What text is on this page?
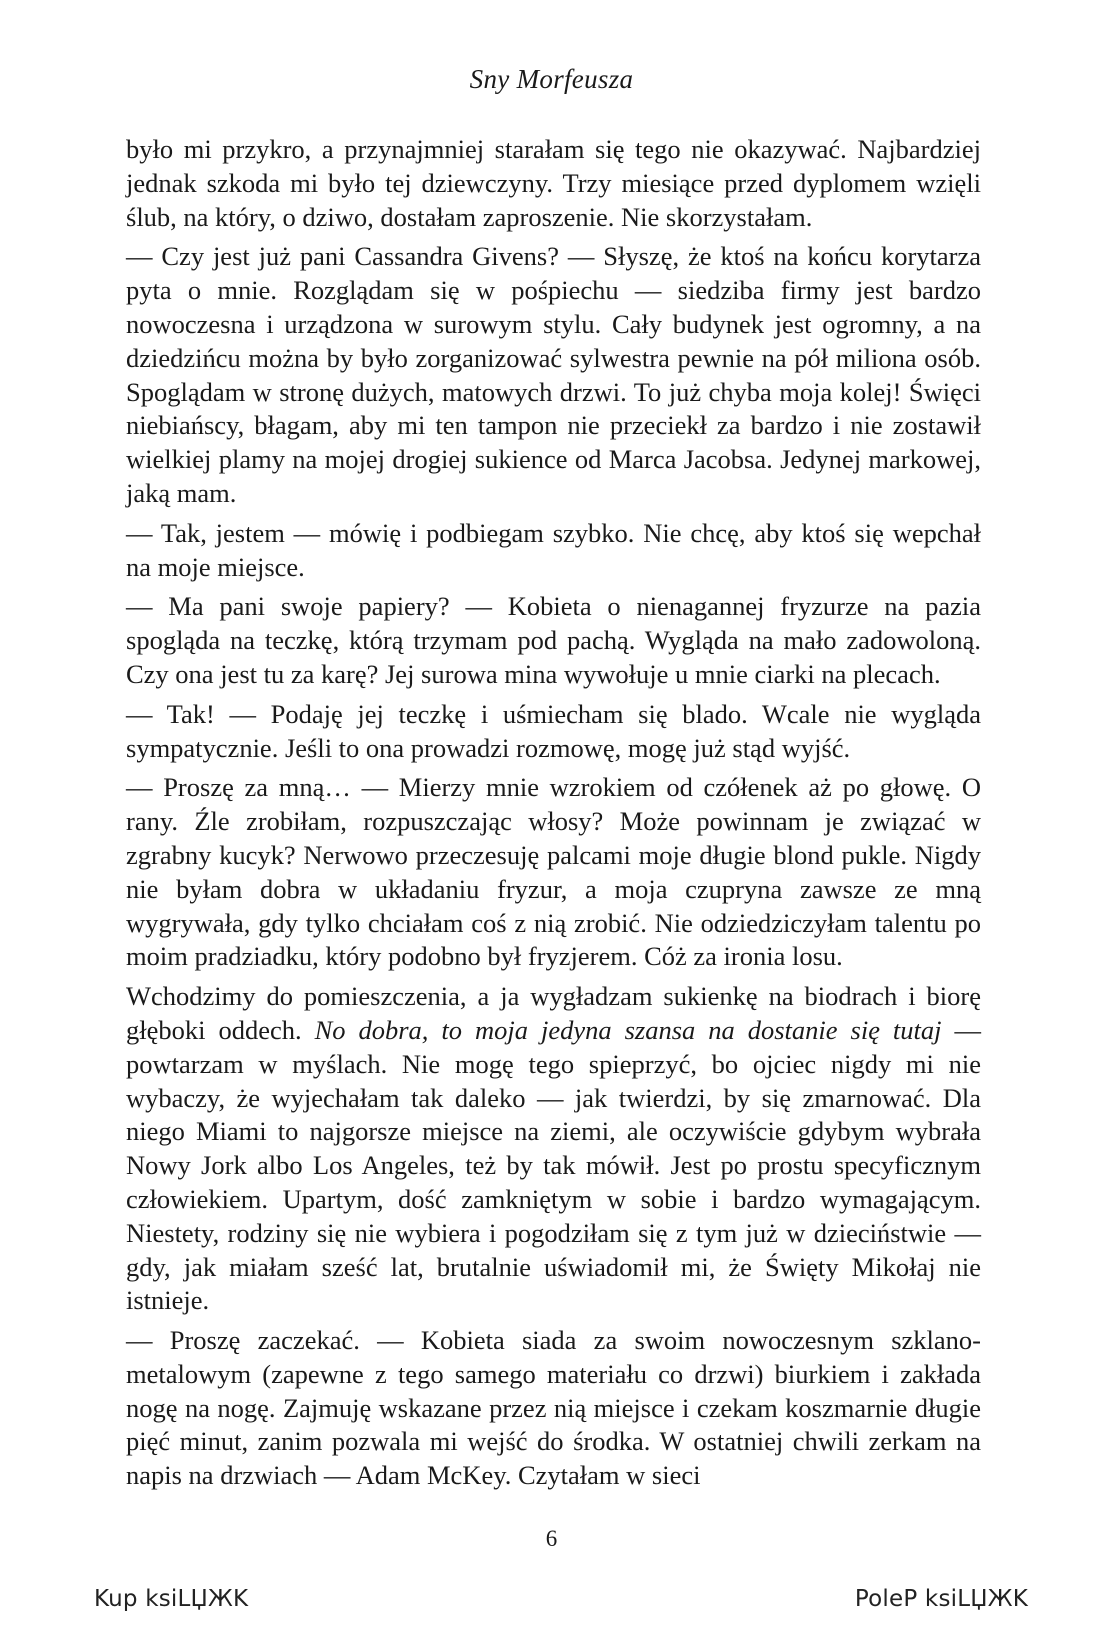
Sny Morfeusza

było mi przykro, a przynajmniej starałam się tego nie okazywać. Najbardziej jednak szkoda mi było tej dziewczyny. Trzy miesiące przed dyplomem wzięli ślub, na który, o dziwo, dostałam zaproszenie. Nie skorzystałam.

— Czy jest już pani Cassandra Givens? — Słyszę, że ktoś na końcu korytarza pyta o mnie. Rozglądam się w pośpiechu — siedziba firmy jest bardzo nowoczesna i urządzona w surowym stylu. Cały budynek jest ogromny, a na dziedzińcu można by było zorganizować sylwestra pewnie na pół miliona osób. Spoglądam w stronę dużych, matowych drzwi. To już chyba moja kolej! Święci niebiańscy, błagam, aby mi ten tampon nie przeciekł za bardzo i nie zostawił wielkiej plamy na mojej drogiej sukience od Marca Jacobsa. Jedynej markowej, jaką mam.

— Tak, jestem — mówię i podbiegam szybko. Nie chcę, aby ktoś się wepchał na moje miejsce.

— Ma pani swoje papiery? — Kobieta o nienagannej fryzurze na pazia spogląda na teczkę, którą trzymam pod pachą. Wygląda na mało zadowoloną. Czy ona jest tu za karę? Jej surowa mina wywołuje u mnie ciarki na plecach.

— Tak! — Podaję jej teczkę i uśmiecham się blado. Wcale nie wygląda sympatycznie. Jeśli to ona prowadzi rozmowę, mogę już stąd wyjść.

— Proszę za mną… — Mierzy mnie wzrokiem od czółenek aż po głowę. O rany. Źle zrobiłam, rozpuszczając włosy? Może powinnam je związać w zgrabny kucyk? Nerwowo przeczesuję palcami moje długie blond pukle. Nigdy nie byłam dobra w układaniu fryzur, a moja czupryna zawsze ze mną wygrywała, gdy tylko chciałam coś z nią zrobić. Nie odziedziczyłam talentu po moim pradziadku, który podobno był fryzjerem. Cóż za ironia losu.

Wchodzimy do pomieszczenia, a ja wygładzam sukienkę na biodrach i biorę głęboki oddech. No dobra, to moja jedyna szansa na dostanie się tutaj — powtarzam w myślach. Nie mogę tego spieprzyć, bo ojciec nigdy mi nie wybaczy, że wyjechałam tak daleko — jak twierdzi, by się zmarnować. Dla niego Miami to najgorsze miejsce na ziemi, ale oczywiście gdybym wybrała Nowy Jork albo Los Angeles, też by tak mówił. Jest po prostu specyficznym człowiekiem. Upartym, dość zamkniętym w sobie i bardzo wymagającym. Niestety, rodziny się nie wybiera i pogodziłam się z tym już w dzieciństwie — gdy, jak miałam sześć lat, brutalnie uświadomił mi, że Święty Mikołaj nie istnieje.

— Proszę zaczekać. — Kobieta siada za swoim nowoczesnym szklano-metalowym (zapewne z tego samego materiału co drzwi) biurkiem i zakłada nogę na nogę. Zajmuję wskazane przez nią miejsce i czekam koszmarnie długie pięć minut, zanim pozwala mi wejść do środka. W ostatniej chwili zerkam na napis na drzwiach — Adam McKey. Czytałam w sieci

6
Kup ksiLЏЖK	PoleP ksiLЏЖK
